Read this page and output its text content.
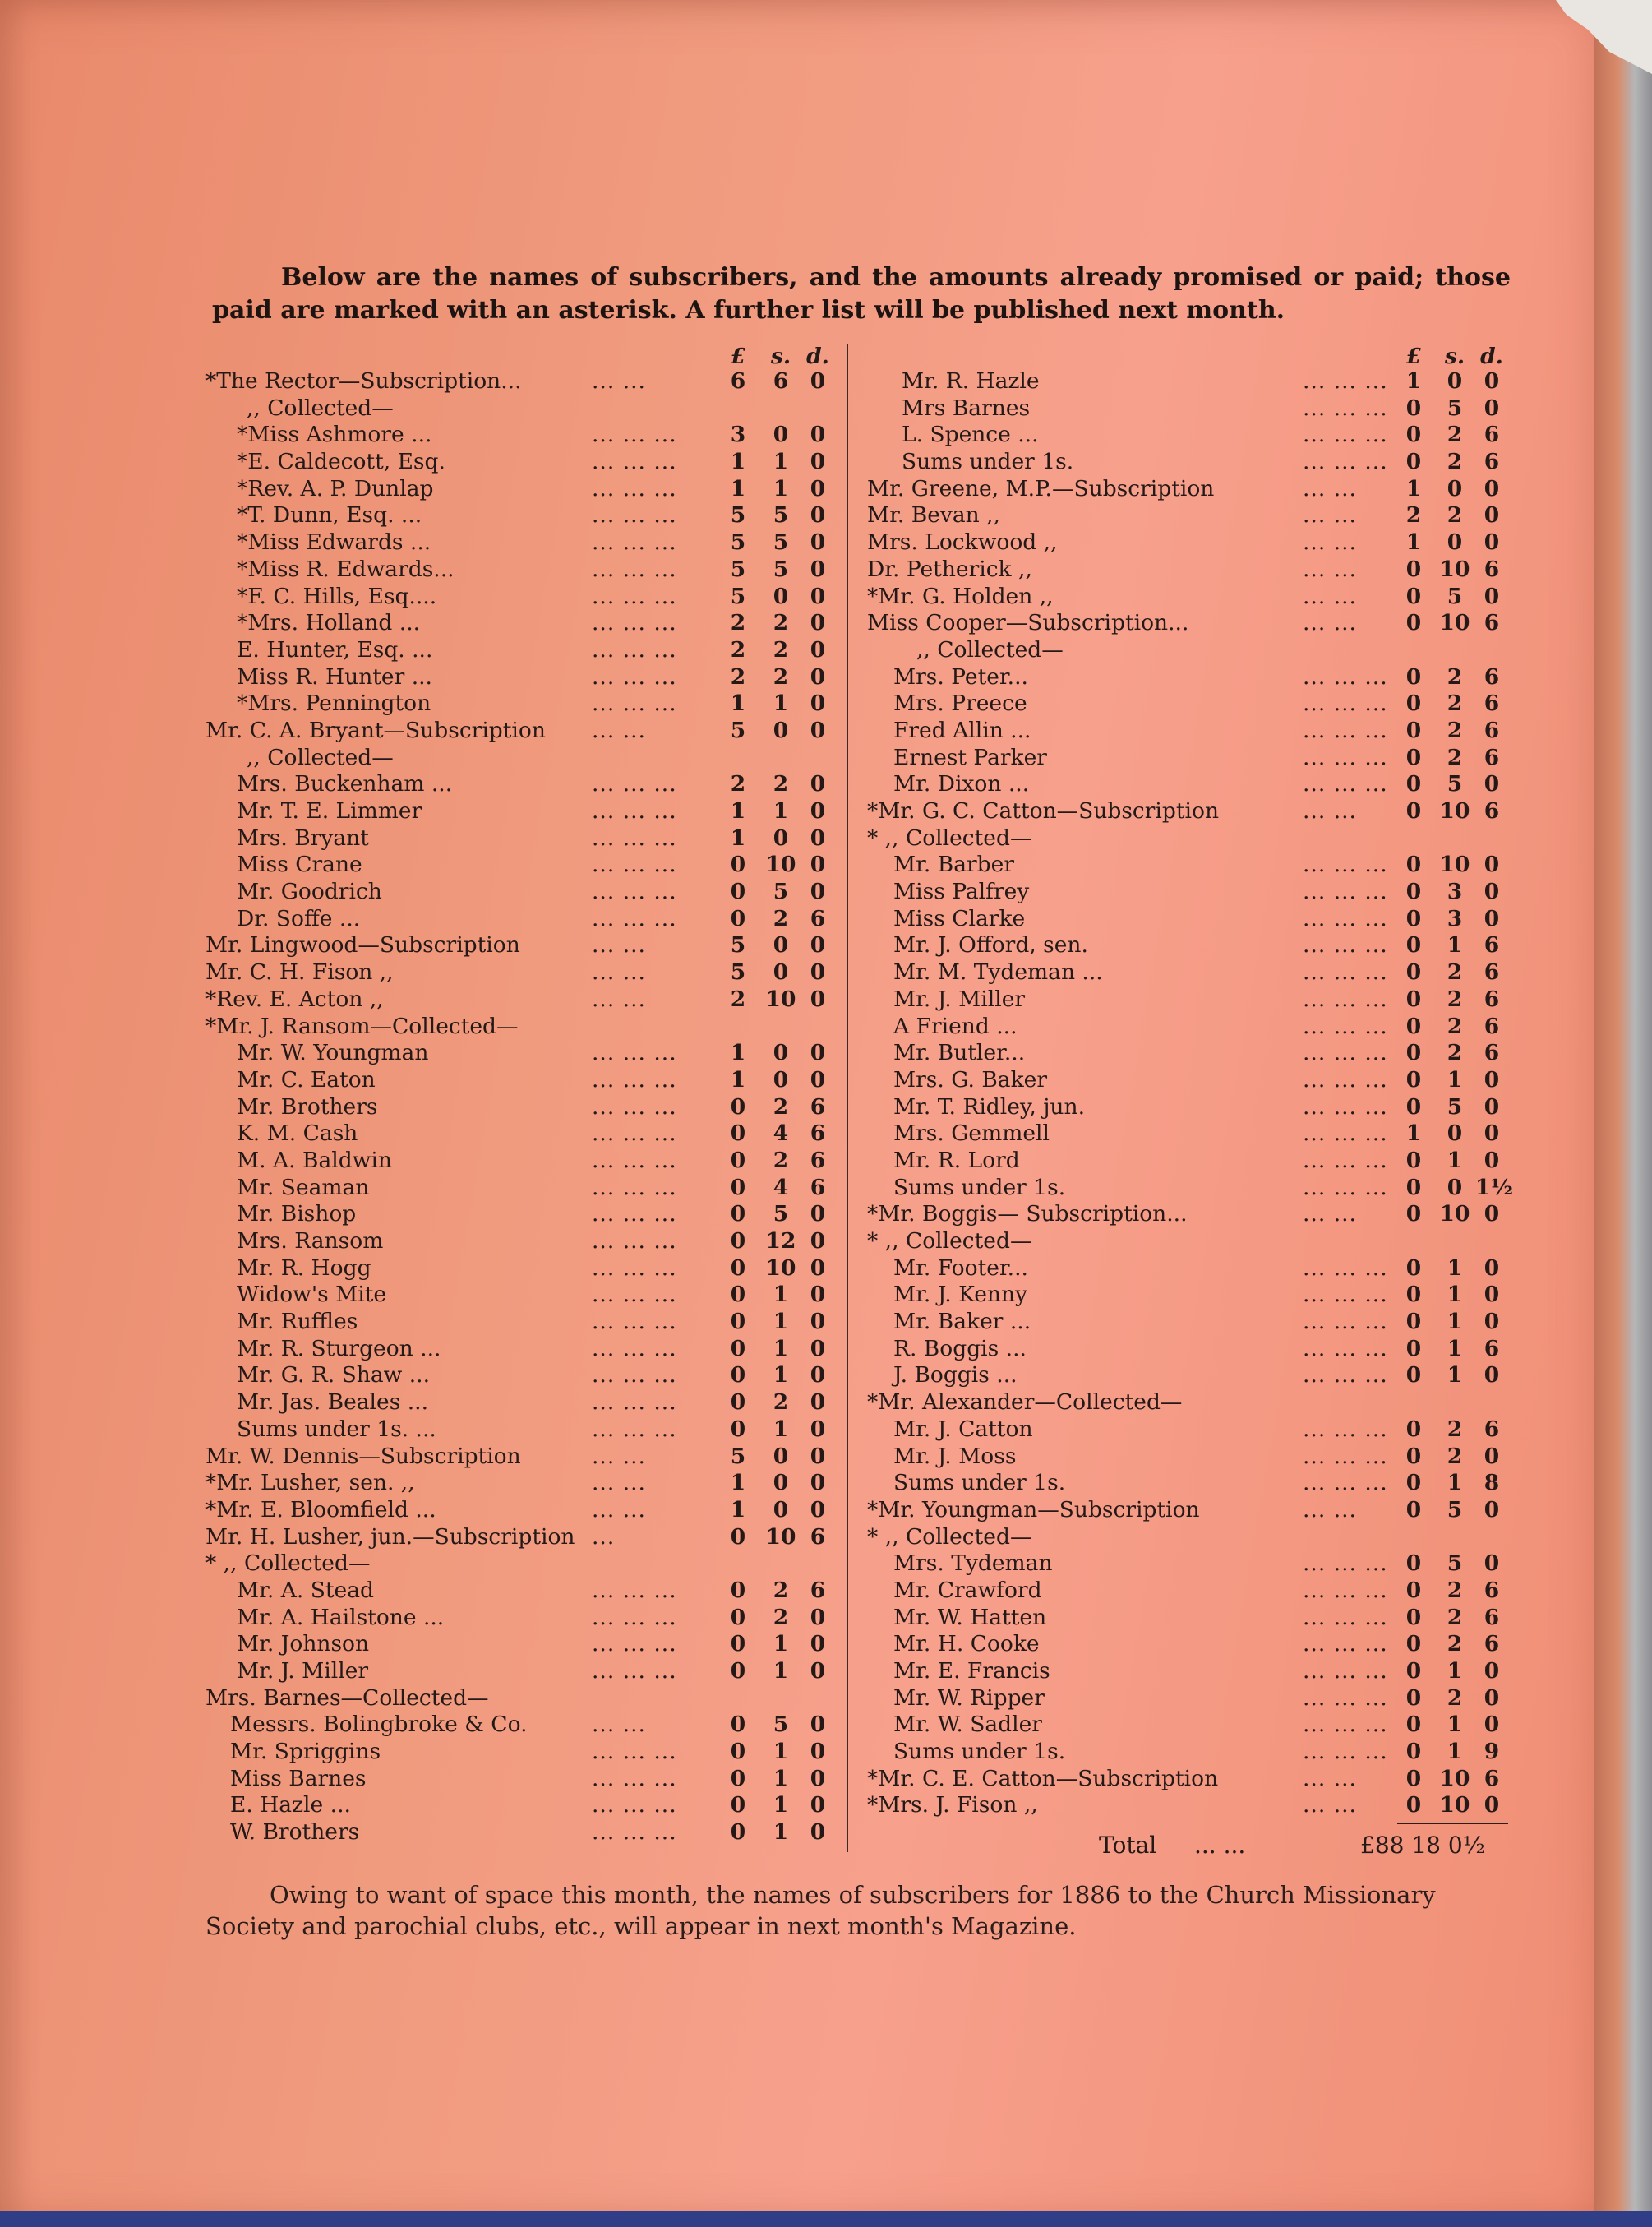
Below are the names of subscribers, and the amounts already promised or paid; those paid are marked with an asterisk. A further list will be published next month.

£	s. d.
*The Rector—Subscription...	... ...	6	6	0
,, Collected—
*Miss Ashmore ...	... ... ...	3	0	0
*E. Caldecott, Esq.	... ... ...	1	1	0
*Rev. A. P. Dunlap	... ... ...	1	1	0
*T. Dunn, Esq. ...	... ... ...	5	5	0
*Miss Edwards ...	... ... ...	5	5	0
*Miss R. Edwards...	... ... ...	5	5	0
*F. C. Hills, Esq....	... ... ...	5	0	0
*Mrs. Holland ...	... ... ...	2	2	0
E. Hunter, Esq. ...	... ... ...	2	2	0
Miss R. Hunter ...	... ... ...	2	2	0
*Mrs. Pennington	... ... ...	1	1	0
Mr. C. A. Bryant—Subscription ... ...	5	0	0
,, Collected—
Mrs. Buckenham ...	... ... ...	2	2	0
Mr. T. E. Limmer	... ... ...	1	1	0
Mrs. Bryant	... ... ...	1	0	0
Miss Crane	... ... ...	0 10 0
Mr. Goodrich	... ... ...	0	5	0
Dr. Soffe ...	... ... ...	0	2	6
Mr. Lingwood—Subscription	... ...	5	0	0
Mr. C. H. Fison ,,	... ...	5	0	0
*Rev. E. Acton ,,	... ...	2 10 0
*Mr. J. Ransom—Collected—
Mr. W. Youngman	... ... ...	1	0	0
Mr. C. Eaton	... ... ...	1	0	0
Mr. Brothers	... ... ...	0	2	6
K. M. Cash	... ... ...	0	4	6
M. A. Baldwin	... ... ...	0	2	6
Mr. Seaman	... ... ...	0	4	6
Mr. Bishop	... ... ...	0	5	0
Mrs. Ransom	... ... ...	0 12 0
Mr. R. Hogg	... ... ...	0 10 0
Widow's Mite	... ... ...	0	1	0
Mr. Ruffles	... ... ...	0	1	0
Mr. R. Sturgeon ...	... ... ...	0	1	0
Mr. G. R. Shaw ...	... ... ...	0	1	0
Mr. Jas. Beales ...	... ... ...	0	2	0
Sums under 1s. ...	... ... ...	0	1	0
Mr. W. Dennis—Subscription	... ...	5	0	0
*Mr. Lusher, sen. ,,	... ...	1	0	0
*Mr. E. Bloomfield ...	... ...	1	0	0
Mr. H. Lusher, jun.—Subscription ...	0 10 6
* ,, Collected—
Mr. A. Stead	... ... ...	0	2	6
Mr. A. Hailstone ...	... ... ...	0	2	0
Mr. Johnson	... ... ...	0	1	0
Mr. J. Miller	... ... ...	0	1	0
Mrs. Barnes—Collected—
Messrs. Bolingbroke & Co.	... ...	0	5	0
Mr. Spriggins	... ... ...	0	1	0
Miss Barnes	... ... ...	0	1	0
E. Hazle ...	... ... ...	0	1	0
W. Brothers	... ... ...	0	1	0
£	s. d.
Mr. R. Hazle	... ... ... 1	0	0
Mrs Barnes	... ... ... 0	5	0
L. Spence ...	... ... ... 0	2	6
Sums under 1s.	... ... ... 0	2	6
Mr. Greene, M.P.—Subscription	... ...	1	0	0
Mr. Bevan ,,	... ...	2	2	0
Mrs. Lockwood ,,	... ...	1	0	0
Dr. Petherick ,,	... ...	0 10 6
*Mr. G. Holden ,,	... ...	0	5	0
Miss Cooper—Subscription...	... ...	0 10 6
,, Collected—
Mrs. Peter...	... ... ... 0	2	6
Mrs. Preece	... ... ... 0	2	6
Fred Allin ...	... ... ... 0	2	6
Ernest Parker	... ... ... 0	2	6
Mr. Dixon ...	... ... ... 0	5	0
*Mr. G. C. Catton—Subscription	... ...	0 10 6
* ,, Collected—
Mr. Barber	... ... ... 0 10 0
Miss Palfrey	... ... ... 0	3	0
Miss Clarke	... ... ... 0	3	0
Mr. J. Offord, sen.	... ... ... 0	1	6
Mr. M. Tydeman ...	... ... ... 0	2	6
Mr. J. Miller	... ... ... 0	2	6
A Friend ...	... ... ... 0	2	6
Mr. Butler...	... ... ... 0	2	6
Mrs. G. Baker	... ... ... 0	1	0
Mr. T. Ridley, jun.	... ... ... 0	5	0
Mrs. Gemmell	... ... ... 1	0	0
Mr. R. Lord	... ... ... 0	1	0
Sums under 1s.	... ... ... 0	0 1½
*Mr. Boggis— Subscription...	... ...	0 10 0
* ,, Collected—
Mr. Footer...	... ... ... 0	1	0
Mr. J. Kenny	... ... ... 0	1	0
Mr. Baker ...	... ... ... 0	1	0
R. Boggis ...	... ... ... 0	1	6
J. Boggis ...	... ... ... 0	1	0
*Mr. Alexander—Collected—
Mr. J. Catton	... ... ... 0	2	6
Mr. J. Moss	... ... ... 0	2	0
Sums under 1s.	... ... ... 0	1	8
*Mr. Youngman—Subscription	... ...	0	5	0
* ,, Collected—
Mrs. Tydeman	... ... ... 0	5	0
Mr. Crawford	... ... ... 0	2	6
Mr. W. Hatten	... ... ... 0	2	6
Mr. H. Cooke	... ... ... 0	2	6
Mr. E. Francis	... ... ... 0	1	0
Mr. W. Ripper	... ... ... 0	2	0
Mr. W. Sadler	... ... ... 0	1	0
Sums under 1s.	... ... ... 0	1	9
*Mr. C. E. Catton—Subscription	... ...	0 10 6
*Mrs. J. Fison ,,	... ...	0 10 0
Total ... ...	£88 18 0½

Owing to want of space this month, the names of subscribers for 1886 to the Church Missionary Society and parochial clubs, etc., will appear in next month's Magazine.
